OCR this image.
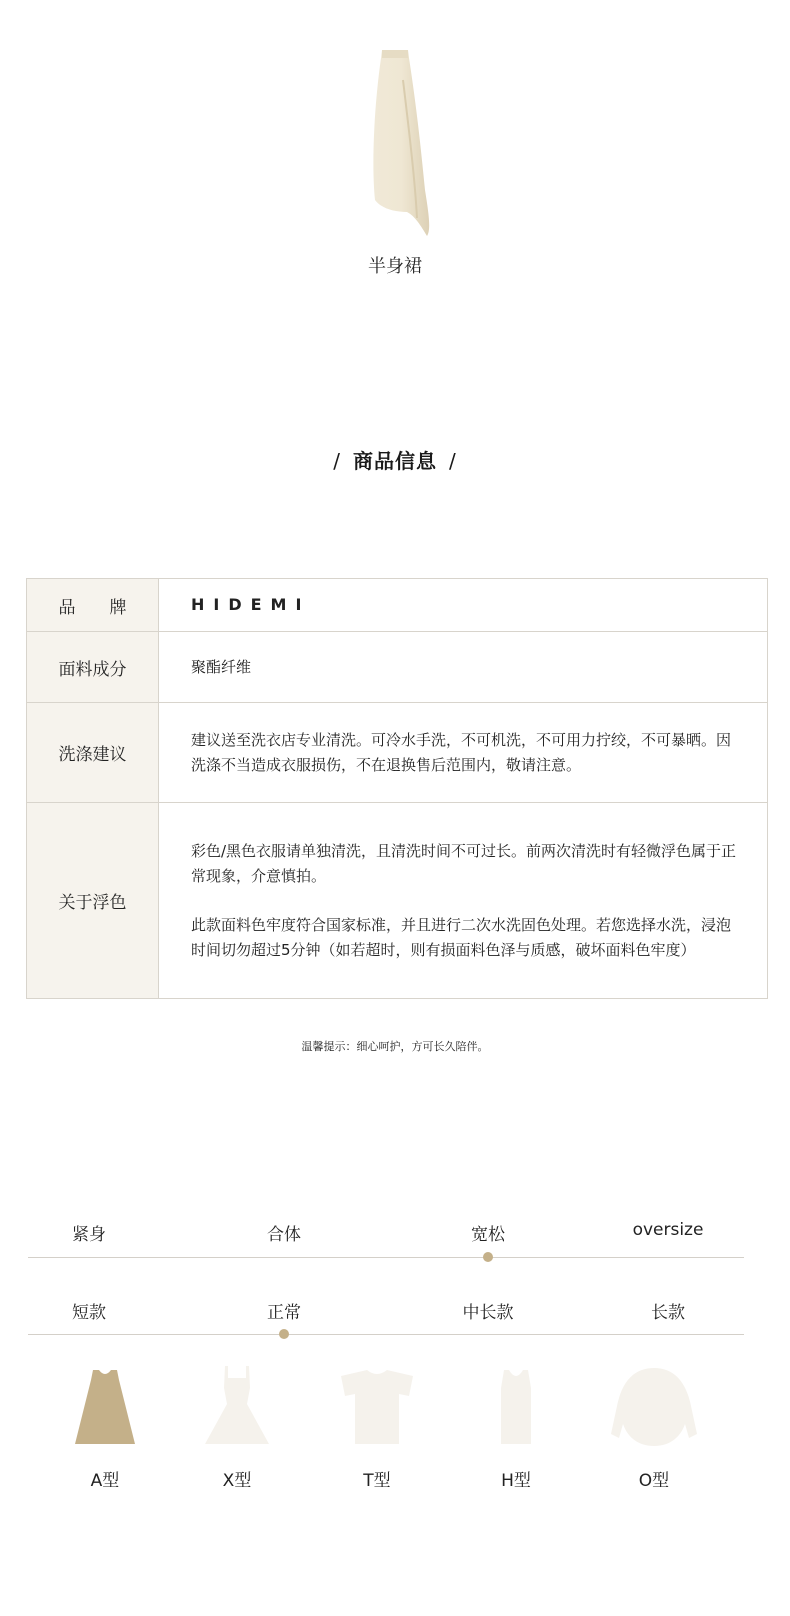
半身裙
/ 商品信息 /
品牌	HIDEMI
面料成分	聚酯纤维
洗涤建议	建议送至洗衣店专业清洗。可冷水手洗，不可机洗，不可用力拧绞，不可暴晒。因洗涤不当造成衣服损伤，不在退换售后范围内，敬请注意。

关于浮色	彩色/黑色衣服请单独清洗，且清洗时间不可过长。前两次清洗时有轻微浮色属于正常现象，介意慎拍。
此款面料色牢度符合国家标准，并且进行二次水洗固色处理。若您选择水洗，浸泡时间切勿超过5分钟（如若超时，则有损面料色泽与质感，破坏面料色牢度）
温馨提示：细心呵护，方可长久陪伴。
紧身	合体	宽松	oversize
短款	正常	中长款	长款
A型	X型	T型	H型	O型
